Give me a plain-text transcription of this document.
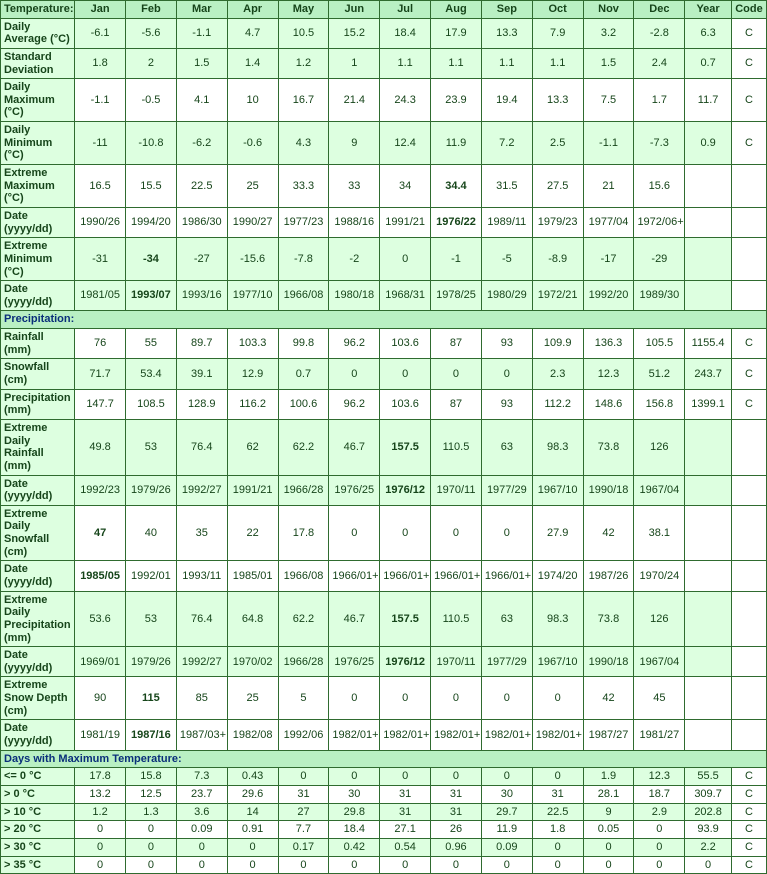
Temperature:	Jan	Feb	Mar	Apr	May	Jun	Jul	Aug	Sep	Oct	Nov	Dec	Year	Code
Daily Average (°C)	-6.1	-5.6	-1.1	4.7	10.5	15.2	18.4	17.9	13.3	7.9	3.2	-2.8	6.3	C
Standard Deviation	1.8	2	1.5	1.4	1.2	1	1.1	1.1	1.1	1.1	1.5	2.4	0.7	C
Daily Maximum (°C)	-1.1	-0.5	4.1	10	16.7	21.4	24.3	23.9	19.4	13.3	7.5	1.7	11.7	C
Daily Minimum (°C)	-11	-10.8	-6.2	-0.6	4.3	9	12.4	11.9	7.2	2.5	-1.1	-7.3	0.9	C
Extreme Maximum (°C)	16.5	15.5	22.5	25	33.3	33	34	34.4	31.5	27.5	21	15.6		
Date (yyyy/dd)	1990/26	1994/20	1986/30	1990/27	1977/23	1988/16	1991/21	1976/22	1989/11	1979/23	1977/04	1972/06+		
Extreme Minimum (°C)	-31	-34	-27	-15.6	-7.8	-2	0	-1	-5	-8.9	-17	-29		
Date (yyyy/dd)	1981/05	1993/07	1993/16	1977/10	1966/08	1980/18	1968/31	1978/25	1980/29	1972/21	1992/20	1989/30		
Precipitation:														
Rainfall (mm)	76	55	89.7	103.3	99.8	96.2	103.6	87	93	109.9	136.3	105.5	1155.4	C
Snowfall (cm)	71.7	53.4	39.1	12.9	0.7	0	0	0	0	2.3	12.3	51.2	243.7	C
Precipitation (mm)	147.7	108.5	128.9	116.2	100.6	96.2	103.6	87	93	112.2	148.6	156.8	1399.1	C
Extreme Daily Rainfall (mm)	49.8	53	76.4	62	62.2	46.7	157.5	110.5	63	98.3	73.8	126		
Date (yyyy/dd)	1992/23	1979/26	1992/27	1991/21	1966/28	1976/25	1976/12	1970/11	1977/29	1967/10	1990/18	1967/04		
Extreme Daily Snowfall (cm)	47	40	35	22	17.8	0	0	0	0	27.9	42	38.1		
Date (yyyy/dd)	1985/05	1992/01	1993/11	1985/01	1966/08	1966/01+	1966/01+	1966/01+	1966/01+	1974/20	1987/26	1970/24		
Extreme Daily Precipitation (mm)	53.6	53	76.4	64.8	62.2	46.7	157.5	110.5	63	98.3	73.8	126		
Date (yyyy/dd)	1969/01	1979/26	1992/27	1970/02	1966/28	1976/25	1976/12	1970/11	1977/29	1967/10	1990/18	1967/04		
Extreme Snow Depth (cm)	90	115	85	25	5	0	0	0	0	0	42	45		
Date (yyyy/dd)	1981/19	1987/16	1987/03+	1982/08	1992/06	1982/01+	1982/01+	1982/01+	1982/01+	1982/01+	1987/27	1981/27		
Days with Maximum Temperature:														
<= 0 °C	17.8	15.8	7.3	0.43	0	0	0	0	0	0	1.9	12.3	55.5	C
> 0 °C	13.2	12.5	23.7	29.6	31	30	31	31	30	31	28.1	18.7	309.7	C
> 10 °C	1.2	1.3	3.6	14	27	29.8	31	31	29.7	22.5	9	2.9	202.8	C
> 20 °C	0	0	0.09	0.91	7.7	18.4	27.1	26	11.9	1.8	0.05	0	93.9	C
> 30 °C	0	0	0	0	0.17	0.42	0.54	0.96	0.09	0	0	0	2.2	C
> 35 °C	0	0	0	0	0	0	0	0	0	0	0	0	0	C
